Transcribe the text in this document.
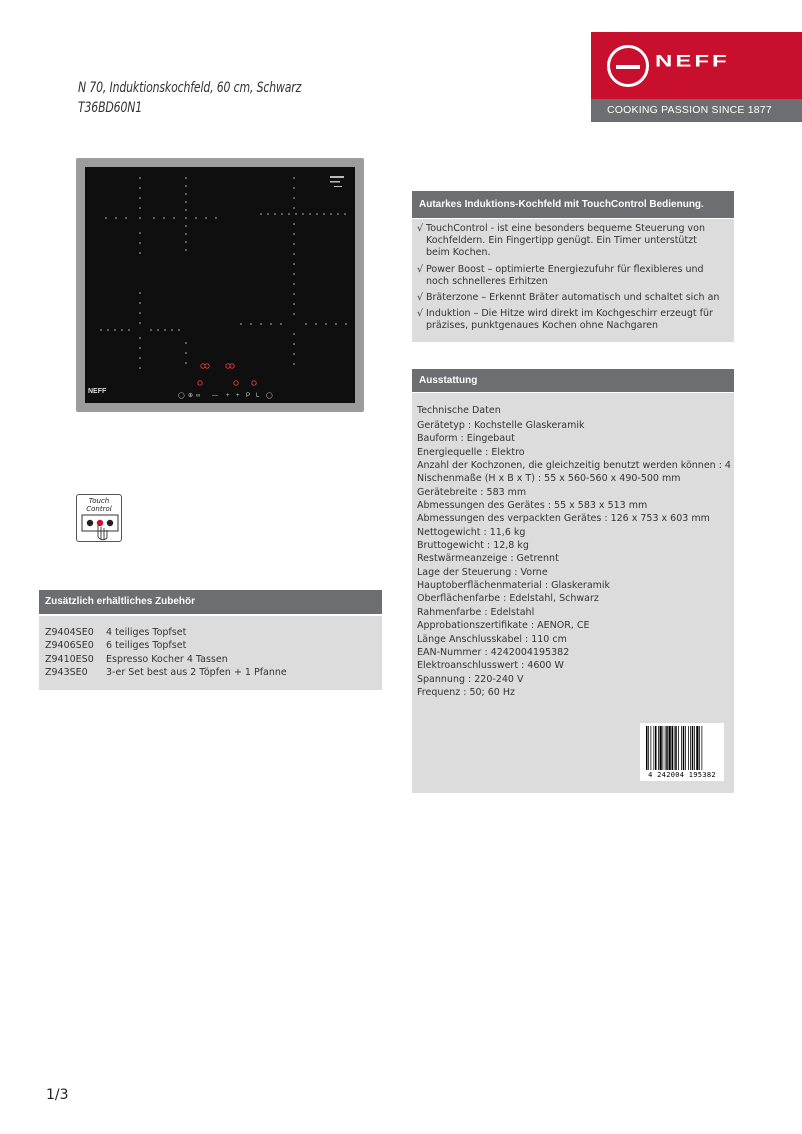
N 70, Induktionskochfeld, 60 cm, Schwarz
T36BD60N1
NEFF
COOKING PASSION SINCE 1877
◯ ⊕ ∞ — + + P L ◯
NEFF
Touch
Control
Zusätzlich erhältliches Zubehör
Z9404SE0	4 teiliges Topfset
Z9406SE0	6 teiliges Topfset
Z9410ES0	Espresso Kocher 4 Tassen
Z943SE0	3-er Set best aus 2 Töpfen + 1 Pfanne
Autarkes Induktions-Kochfeld mit TouchControl Bedienung.
√ TouchControl - ist eine besonders bequeme Steuerung von Kochfeldern. Ein Fingertipp genügt. Ein Timer unterstützt beim Kochen.
√ Power Boost – optimierte Energiezufuhr für flexibleres und noch schnelleres Erhitzen
√ Bräterzone – Erkennt Bräter automatisch und schaltet sich an
√ Induktion – Die Hitze wird direkt im Kochgeschirr erzeugt für präzises, punktgenaues Kochen ohne Nachgaren
Ausstattung
Technische Daten
Gerätetyp : Kochstelle Glaskeramik
Bauform : Eingebaut
Energiequelle : Elektro
Anzahl der Kochzonen, die gleichzeitig benutzt werden können : 4
Nischenmaße (H x B x T) : 55 x 560-560 x 490-500 mm
Gerätebreite : 583 mm
Abmessungen des Gerätes : 55 x 583 x 513 mm
Abmessungen des verpackten Gerätes : 126 x 753 x 603 mm
Nettogewicht : 11,6 kg
Bruttogewicht : 12,8 kg
Restwärmeanzeige : Getrennt
Lage der Steuerung : Vorne
Hauptoberflächenmaterial : Glaskeramik
Oberflächenfarbe : Edelstahl, Schwarz
Rahmenfarbe : Edelstahl
Approbationszertifikate : AENOR, CE
Länge Anschlusskabel : 110 cm
EAN-Nummer : 4242004195382
Elektroanschlusswert : 4600 W
Spannung : 220-240 V
Frequenz : 50; 60 Hz
4 242004 195382
1/3
